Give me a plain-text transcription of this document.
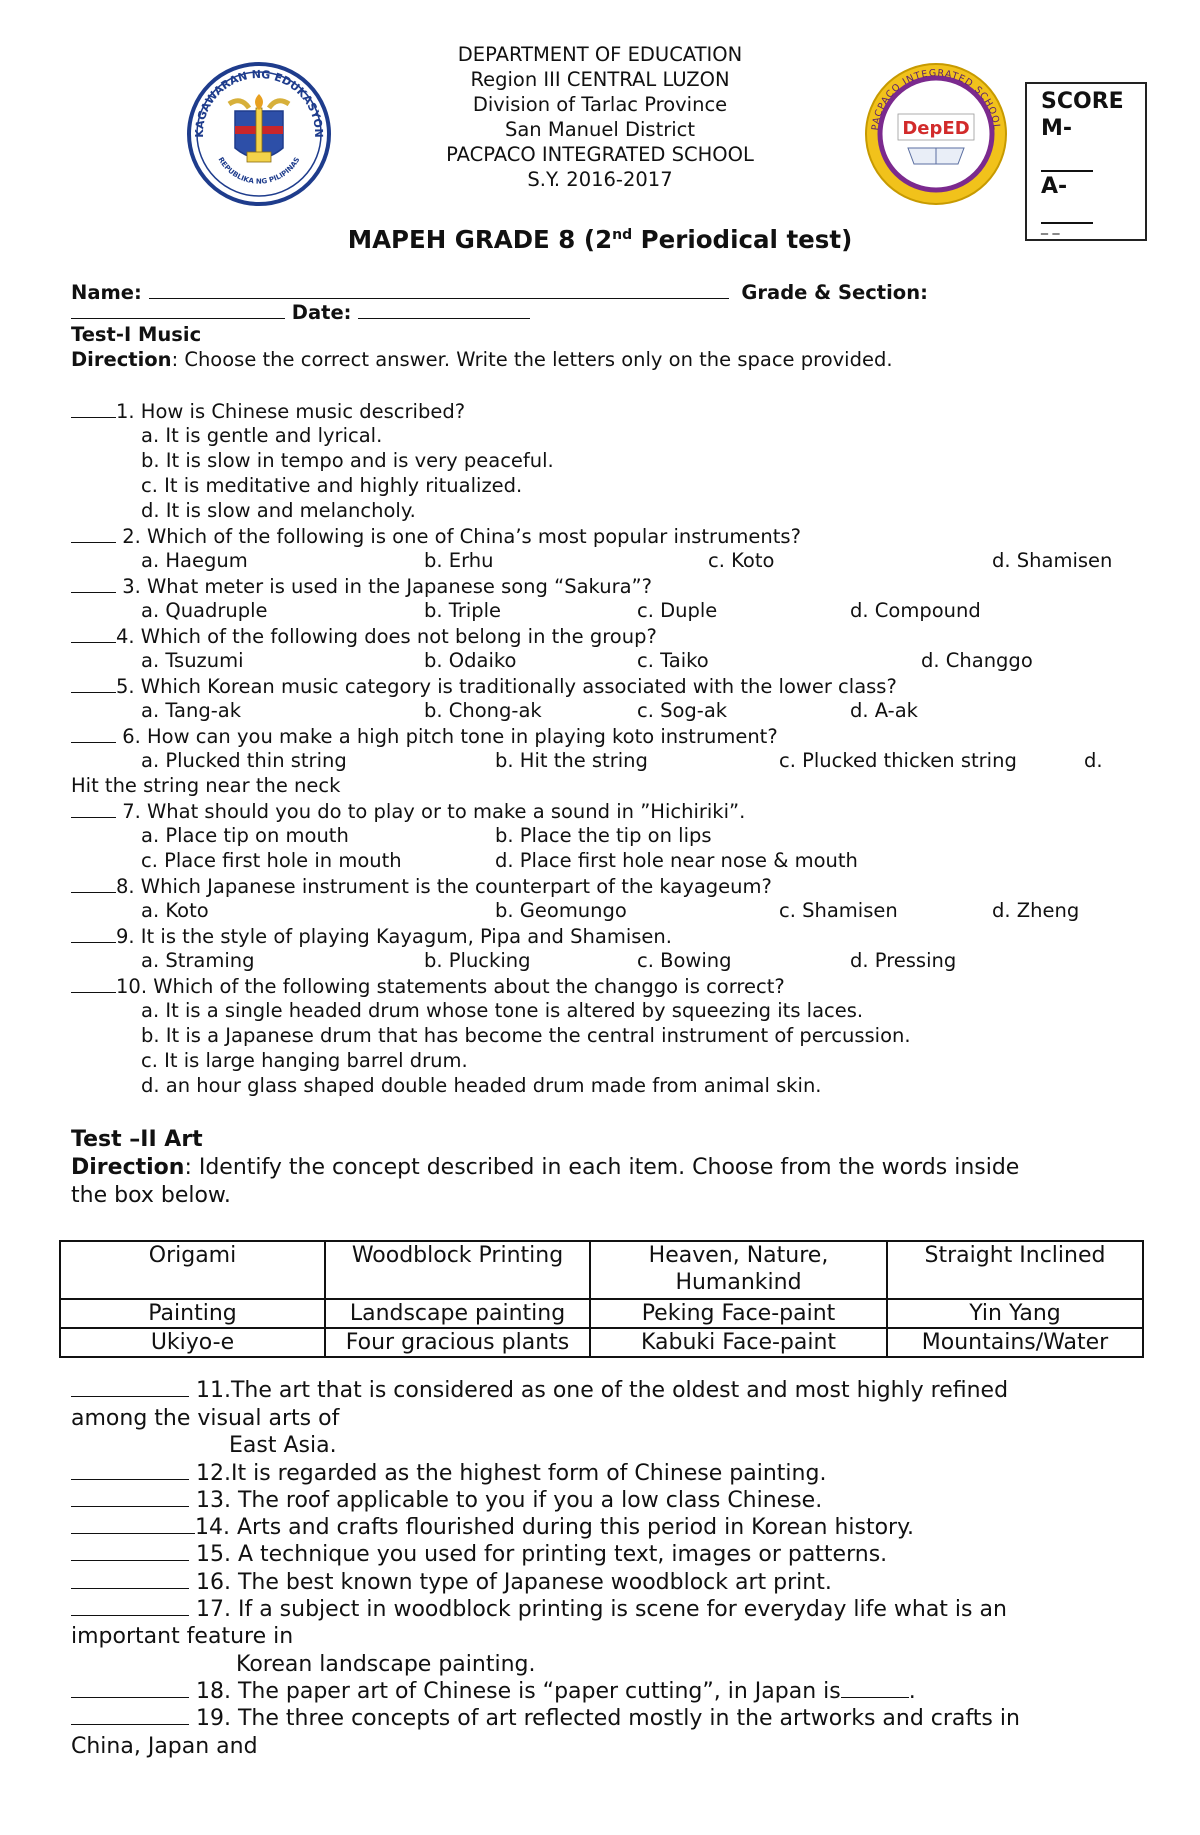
DEPARTMENT OF EDUCATION
Region III CENTRAL LUZON
Division of Tarlac Province
San Manuel District
PACPACO INTEGRATED SCHOOL
S.Y. 2016-2017
KAGAWARAN NG EDUKASYON
REPUBLIKA NG PILIPINAS
PACPACO INTEGRATED SCHOOL
DepED
SCORE
M-
A-
_ _
MAPEH GRADE 8 (2nd Periodical test)
Name:	Grade & Section:
Date:
Test-I Music
Direction: Choose the correct answer. Write the letters only on the space provided.
1. How is Chinese music described?
a. It is gentle and lyrical.
b. It is slow in tempo and is very peaceful.
c. It is meditative and highly ritualized.
d. It is slow and melancholy.
2. Which of the following is one of China’s most popular instruments?
a. Haegum	b. Erhu	c. Koto	d. Shamisen
3. What meter is used in the Japanese song “Sakura”?
a. Quadruple	b. Triple	c. Duple	d. Compound
4. Which of the following does not belong in the group?
a. Tsuzumi	b. Odaiko	c. Taiko	d. Changgo
5. Which Korean music category is traditionally associated with the lower class?
a. Tang-ak	b. Chong-ak	c. Sog-ak	d. A-ak
6. How can you make a high pitch tone in playing koto instrument?
a. Plucked thin string	b. Hit the string	c. Plucked thicken string	d.
Hit the string near the neck
7. What should you do to play or to make a sound in ”Hichiriki”.
a. Place tip on mouth	b. Place the tip on lips
c. Place first hole in mouth	d. Place first hole near nose & mouth
8. Which Japanese instrument is the counterpart of the kayageum?
a. Koto	b. Geomungo	c. Shamisen	d. Zheng
9. It is the style of playing Kayagum, Pipa and Shamisen.
a. Straming	b. Plucking	c. Bowing	d. Pressing
10. Which of the following statements about the changgo is correct?
a. It is a single headed drum whose tone is altered by squeezing its laces.
b. It is a Japanese drum that has become the central instrument of percussion.
c. It is large hanging barrel drum.
d. an hour glass shaped double headed drum made from animal skin.
Test –II Art
Direction: Identify the concept described in each item. Choose from the words inside
the box below.
Origami	Woodblock Printing	Heaven, Nature,
Humankind	Straight Inclined
Painting	Landscape painting	Peking Face-paint	Yin Yang
Ukiyo-e	Four gracious plants	Kabuki Face-paint	Mountains/Water
11.The art that is considered as one of the oldest and most highly refined
among the visual arts of
East Asia.
12.It is regarded as the highest form of Chinese painting.
13. The roof applicable to you if you a low class Chinese.
14. Arts and crafts flourished during this period in Korean history.
15. A technique you used for printing text, images or patterns.
16. The best known type of Japanese woodblock art print.
17. If a subject in woodblock printing is scene for everyday life what is an
important feature in
Korean landscape painting.
18. The paper art of Chinese is “paper cutting”, in Japan is	.
19. The three concepts of art reflected mostly in the artworks and crafts in
China, Japan and
